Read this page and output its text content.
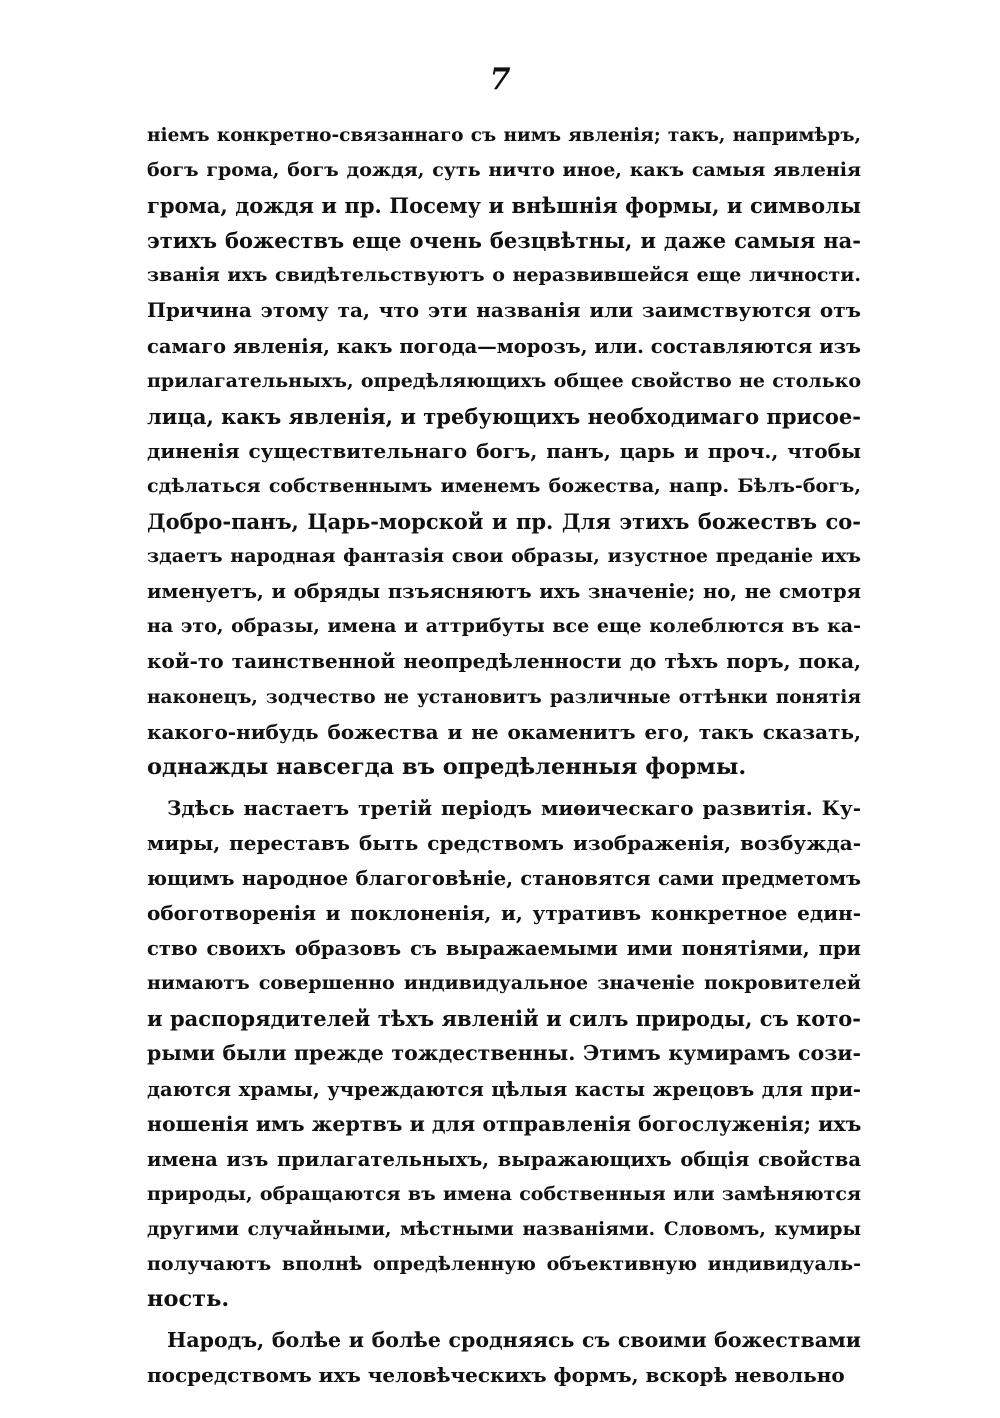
7
ніемъ конкретно-связаннаго съ нимъ явленія; такъ, напримѣръ,
богъ грома, богъ дождя, суть ничто иное, какъ самыя явленія
грома, дождя и пр. Посему и внѣшнія формы, и символы
этихъ божествъ еще очень безцвѣтны, и даже самыя на-
званія ихъ свидѣтельствуютъ о неразвившейся еще личности.
Причина этому та, что эти названія или заимствуются отъ
самаго явленія, какъ погода—морозъ, или. составляются изъ
прилагательныхъ, опредѣляющихъ общее свойство не столько
лица, какъ явленія, и требующихъ необходимаго присое-
диненія существительнаго богъ, панъ, царь и проч., чтобы
сдѣлаться собственнымъ именемъ божества, напр. Бѣлъ-богъ,
Добро-панъ, Царь-морской и пр. Для этихъ божествъ со-
здаетъ народная фантазія свои образы, изустное преданіе ихъ
именуетъ, и обряды пзъясняютъ ихъ значеніе; но, не смотря
на это, образы, имена и аттрибуты все еще колеблются въ ка-
кой-то таинственной неопредѣленности до тѣхъ поръ, пока,
наконецъ, зодчество не установитъ различные оттѣнки понятія
какого-нибудь божества и не окаменитъ его, такъ сказать,
однажды навсегда въ опредѣленныя формы.
Здѣсь настаетъ третій періодъ миѳическаго развитія. Ку-
миры, переставъ быть средствомъ изображенія, возбужда-
ющимъ народное благоговѣніе, становятся сами предметомъ
обоготворенія и поклоненія, и, утративъ конкретное един-
ство своихъ образовъ съ выражаемыми ими понятіями, при
нимаютъ совершенно индивидуальное значеніе покровителей
и распорядителей тѣхъ явленій и силъ природы, съ кото-
рыми были прежде тождественны. Этимъ кумирамъ сози-
даются храмы, учреждаются цѣлыя касты жрецовъ для при-
ношенія имъ жертвъ и для отправленія богослуженія; ихъ
имена изъ прилагательныхъ, выражающихъ общія свойства
природы, обращаются въ имена собственныя или замѣняются
другими случайными, мѣстными названіями. Словомъ, кумиры
получаютъ вполнѣ опредѣленную объективную индивидуаль-
ность.
Народъ, болѣе и болѣе сродняясь съ своими божествами
посредствомъ ихъ человѣческихъ формъ, вскорѣ невольно
